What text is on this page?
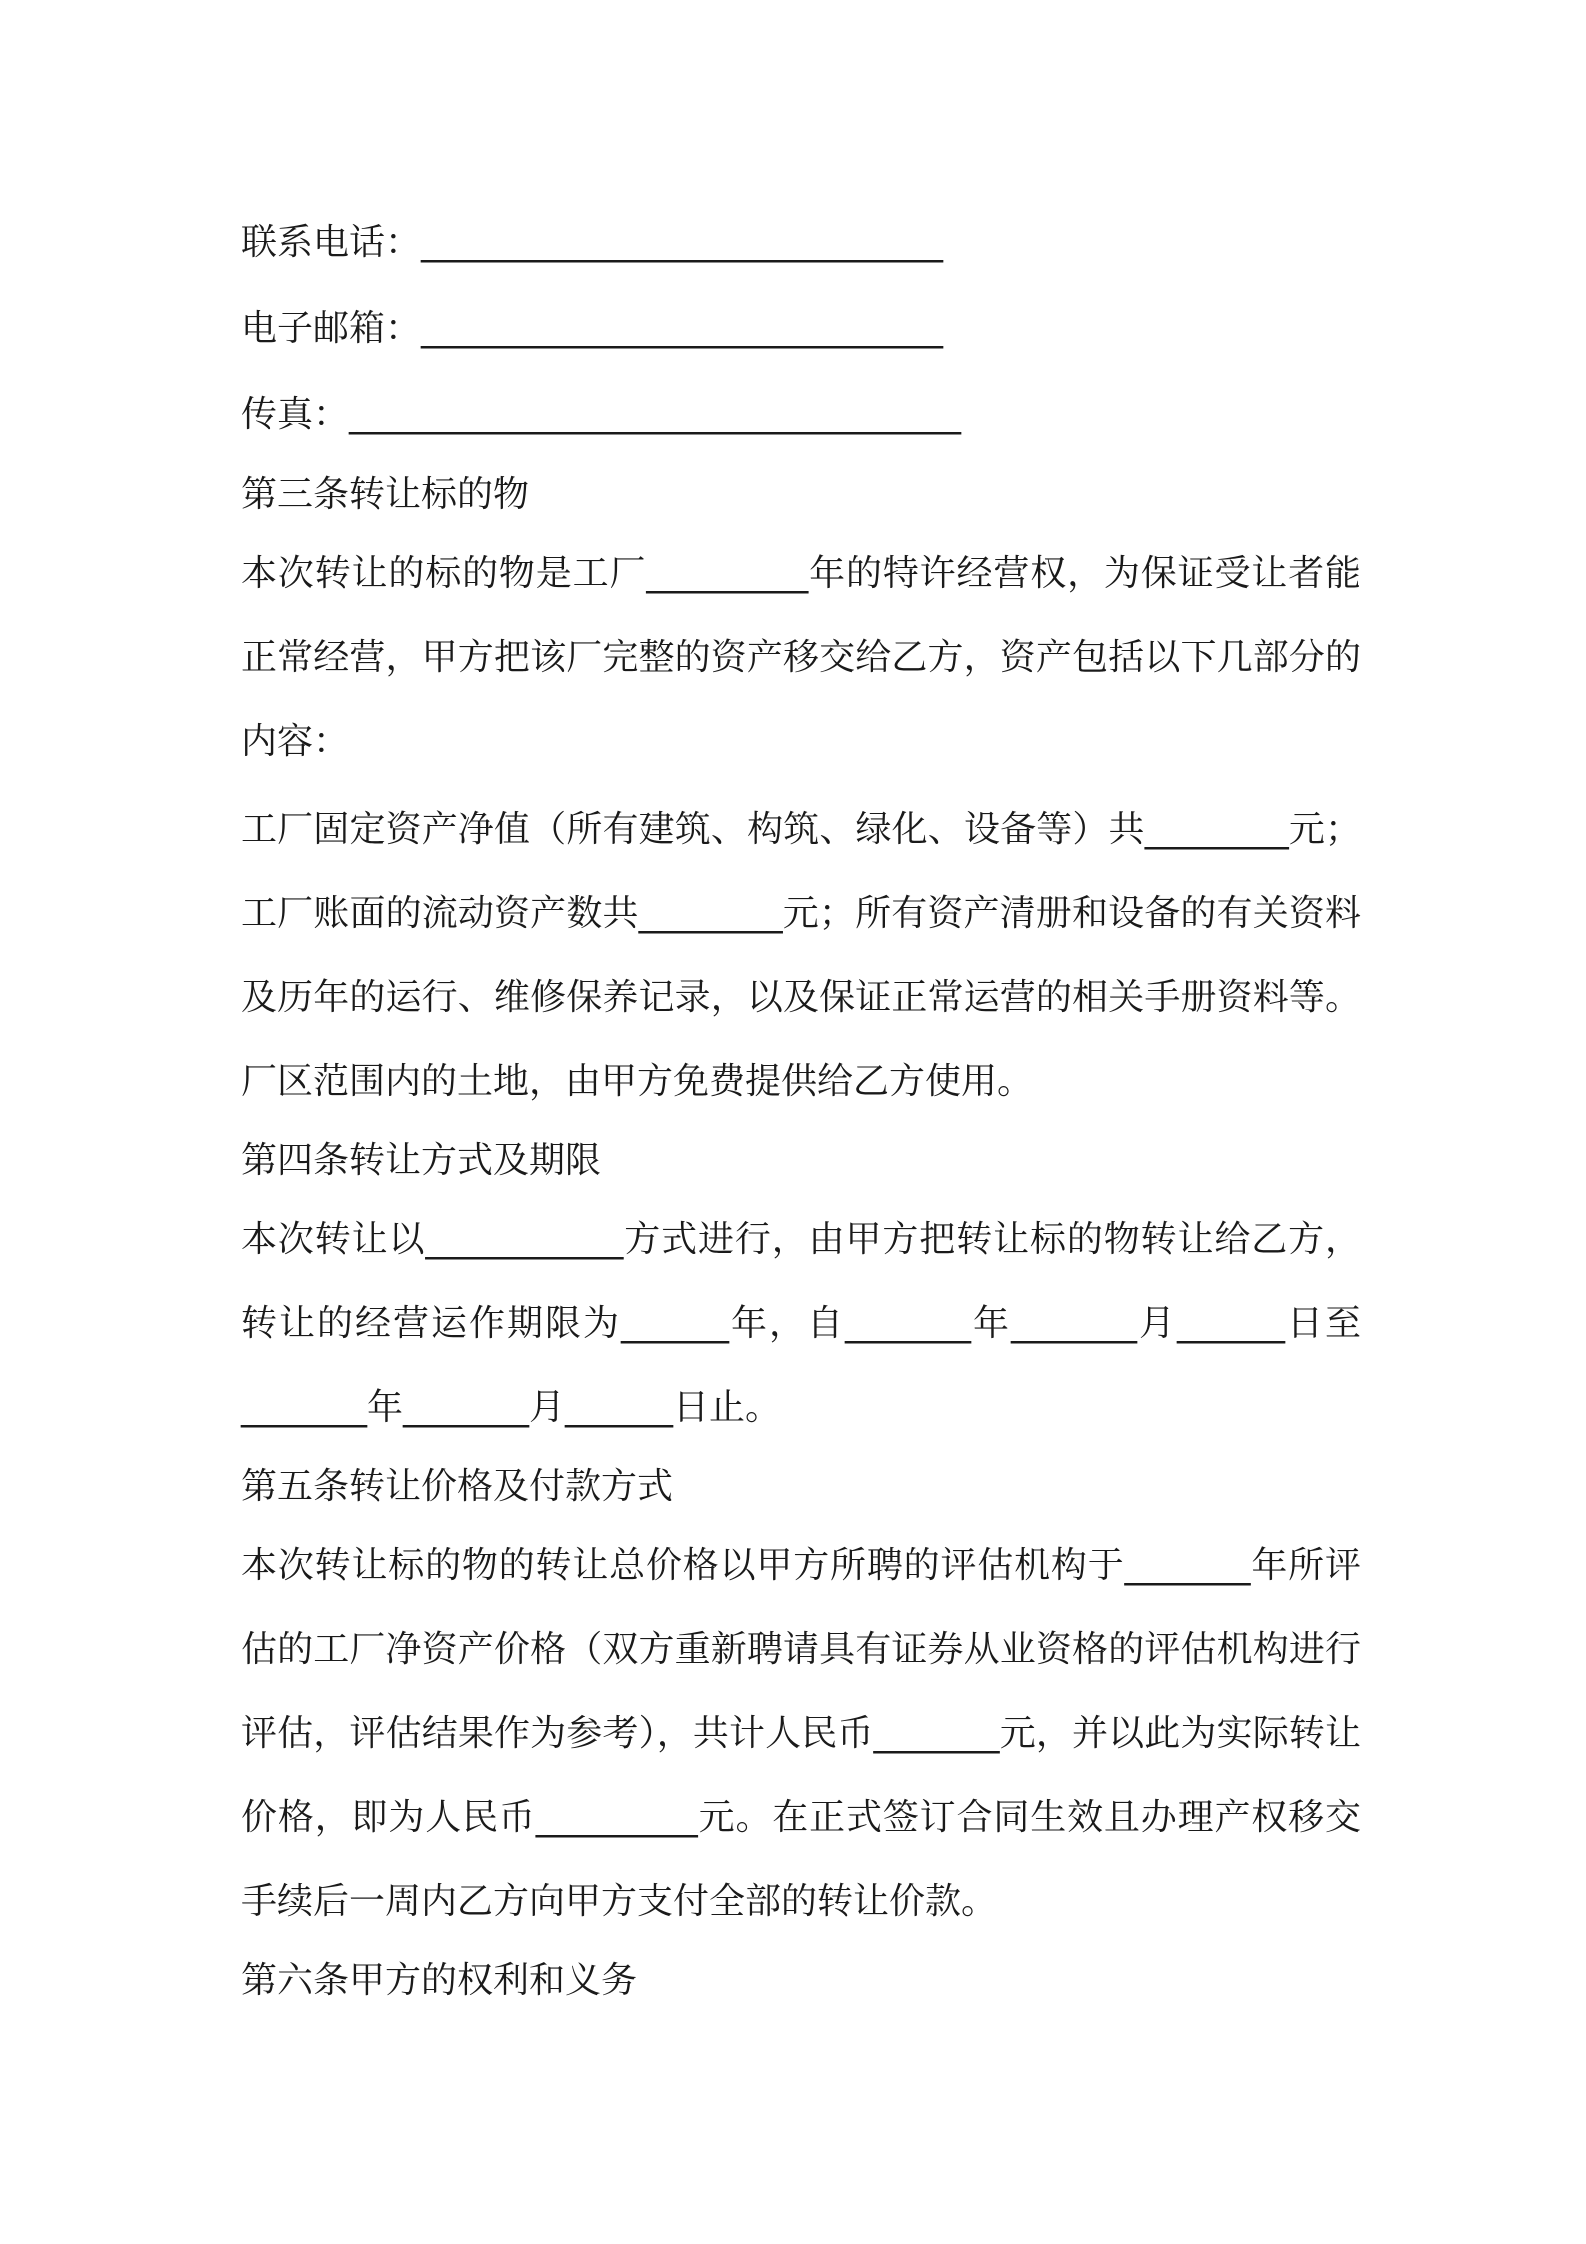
联系电话：_____________________________
电子邮箱：_____________________________
传真：__________________________________
第三条转让标的物

本次转让的标的物是工厂_________年的特许经营权，为保证受让者能正常经营，甲方把该厂完整的资产移交给乙方，资产包括以下几部分的内容：

工厂固定资产净值（所有建筑、构筑、绿化、设备等）共________元；工厂账面的流动资产数共________元；所有资产清册和设备的有关资料及历年的运行、维修保养记录，以及保证正常运营的相关手册资料等。厂区范围内的土地，由甲方免费提供给乙方使用。

第四条转让方式及期限

本次转让以___________方式进行，由甲方把转让标的物转让给乙方，转让的经营运作期限为______年，自_______年_______月______日至_______年_______月______日止。

第五条转让价格及付款方式

本次转让标的物的转让总价格以甲方所聘的评估机构于_______年所评估的工厂净资产价格（双方重新聘请具有证券从业资格的评估机构进行评估，评估结果作为参考），共计人民币_______元，并以此为实际转让价格，即为人民币_________元。在正式签订合同生效且办理产权移交手续后一周内乙方向甲方支付全部的转让价款。

第六条甲方的权利和义务
